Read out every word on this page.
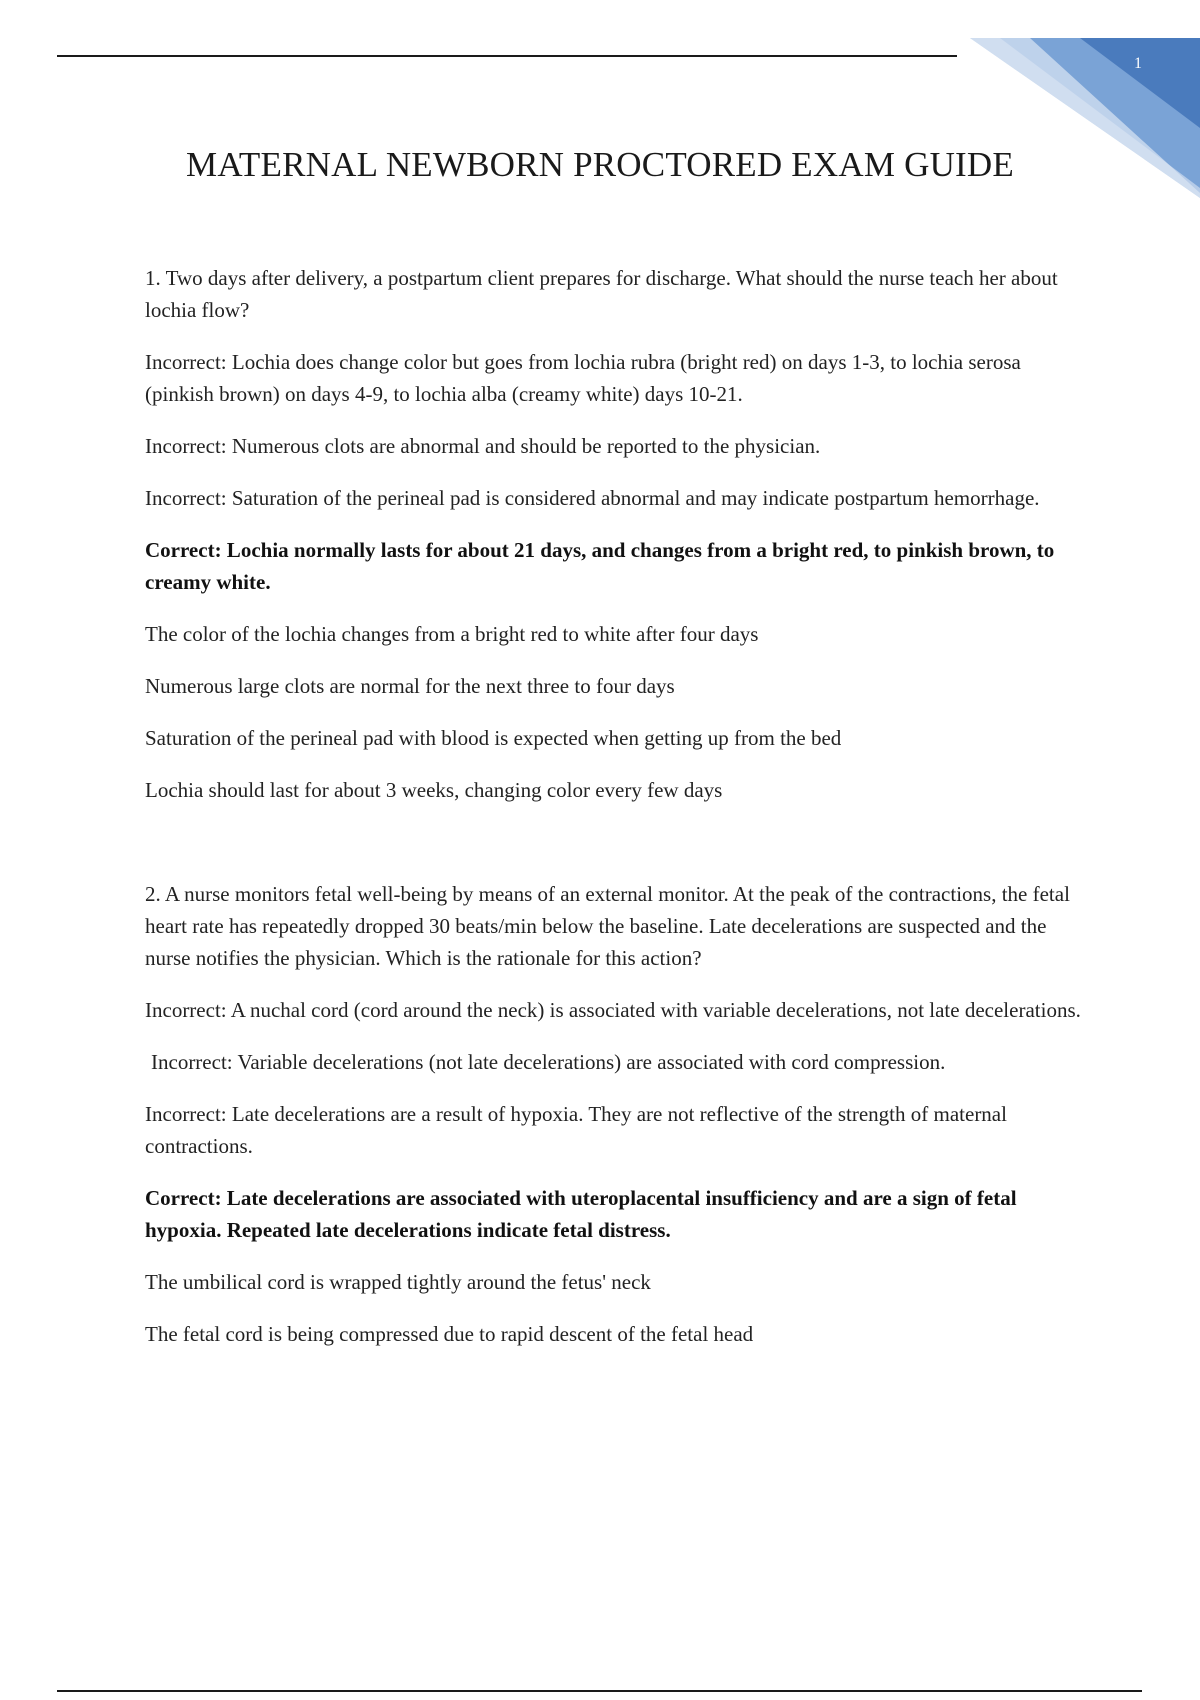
1
MATERNAL NEWBORN PROCTORED EXAM GUIDE

1. Two days after delivery, a postpartum client prepares for discharge. What should the nurse teach her about lochia flow?

Incorrect: Lochia does change color but goes from lochia rubra (bright red) on days 1-3, to lochia serosa (pinkish brown) on days 4-9, to lochia alba (creamy white) days 10-21.

Incorrect: Numerous clots are abnormal and should be reported to the physician.

Incorrect: Saturation of the perineal pad is considered abnormal and may indicate postpartum hemorrhage.

Correct: Lochia normally lasts for about 21 days, and changes from a bright red, to pinkish brown, to creamy white.

The color of the lochia changes from a bright red to white after four days

Numerous large clots are normal for the next three to four days

Saturation of the perineal pad with blood is expected when getting up from the bed

Lochia should last for about 3 weeks, changing color every few days

2. A nurse monitors fetal well-being by means of an external monitor. At the peak of the contractions, the fetal heart rate has repeatedly dropped 30 beats/min below the baseline. Late decelerations are suspected and the nurse notifies the physician. Which is the rationale for this action?

Incorrect: A nuchal cord (cord around the neck) is associated with variable decelerations, not late decelerations.

Incorrect: Variable decelerations (not late decelerations) are associated with cord compression.

Incorrect: Late decelerations are a result of hypoxia. They are not reflective of the strength of maternal contractions.

Correct: Late decelerations are associated with uteroplacental insufficiency and are a sign of fetal hypoxia. Repeated late decelerations indicate fetal distress.

The umbilical cord is wrapped tightly around the fetus' neck

The fetal cord is being compressed due to rapid descent of the fetal head
